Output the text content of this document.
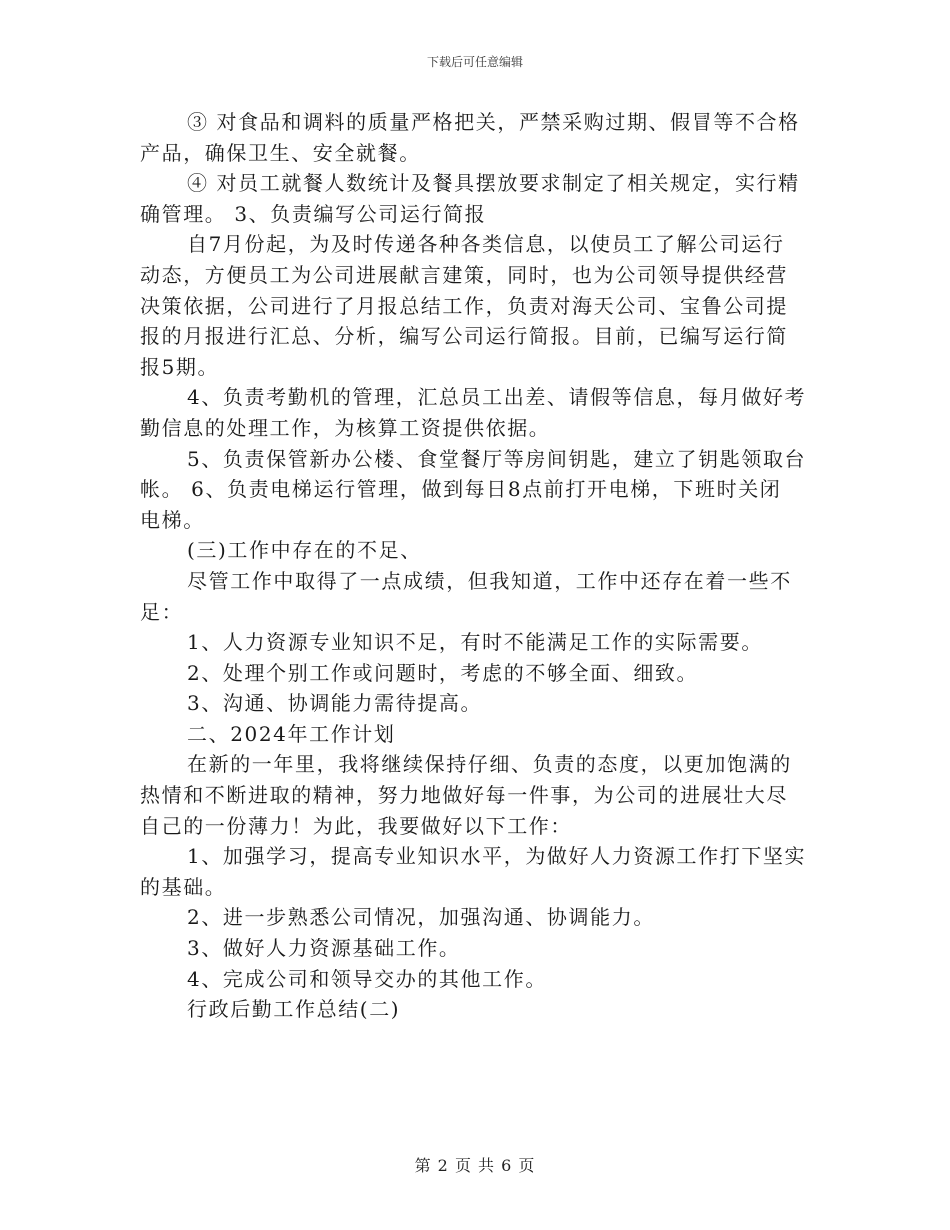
下载后可任意编辑
③ 对食品和调料的质量严格把关，严禁采购过期、假冒等不合格
产品，确保卫生、安全就餐。
④ 对员工就餐人数统计及餐具摆放要求制定了相关规定，实行精
确管理。 3、负责编写公司运行简报
自7月份起，为及时传递各种各类信息，以使员工了解公司运行
动态，方便员工为公司进展献言建策，同时，也为公司领导提供经营
决策依据，公司进行了月报总结工作，负责对海天公司、宝鲁公司提
报的月报进行汇总、分析，编写公司运行简报。目前，已编写运行简
报5期。
4、负责考勤机的管理，汇总员工出差、请假等信息，每月做好考
勤信息的处理工作，为核算工资提供依据。
5、负责保管新办公楼、食堂餐厅等房间钥匙，建立了钥匙领取台
帐。 6、负责电梯运行管理，做到每日8点前打开电梯，下班时关闭
电梯。
(三)工作中存在的不足、
尽管工作中取得了一点成绩，但我知道，工作中还存在着一些不
足：
1、人力资源专业知识不足，有时不能满足工作的实际需要。
2、处理个别工作或问题时，考虑的不够全面、细致。
3、沟通、协调能力需待提高。
二、2024年工作计划
在新的一年里，我将继续保持仔细、负责的态度，以更加饱满的
热情和不断进取的精神，努力地做好每一件事，为公司的进展壮大尽
自己的一份薄力！为此，我要做好以下工作：
1、加强学习，提高专业知识水平，为做好人力资源工作打下坚实
的基础。
2、进一步熟悉公司情况，加强沟通、协调能力。
3、做好人力资源基础工作。
4、完成公司和领导交办的其他工作。
行政后勤工作总结(二)
第 2 页 共 6 页
